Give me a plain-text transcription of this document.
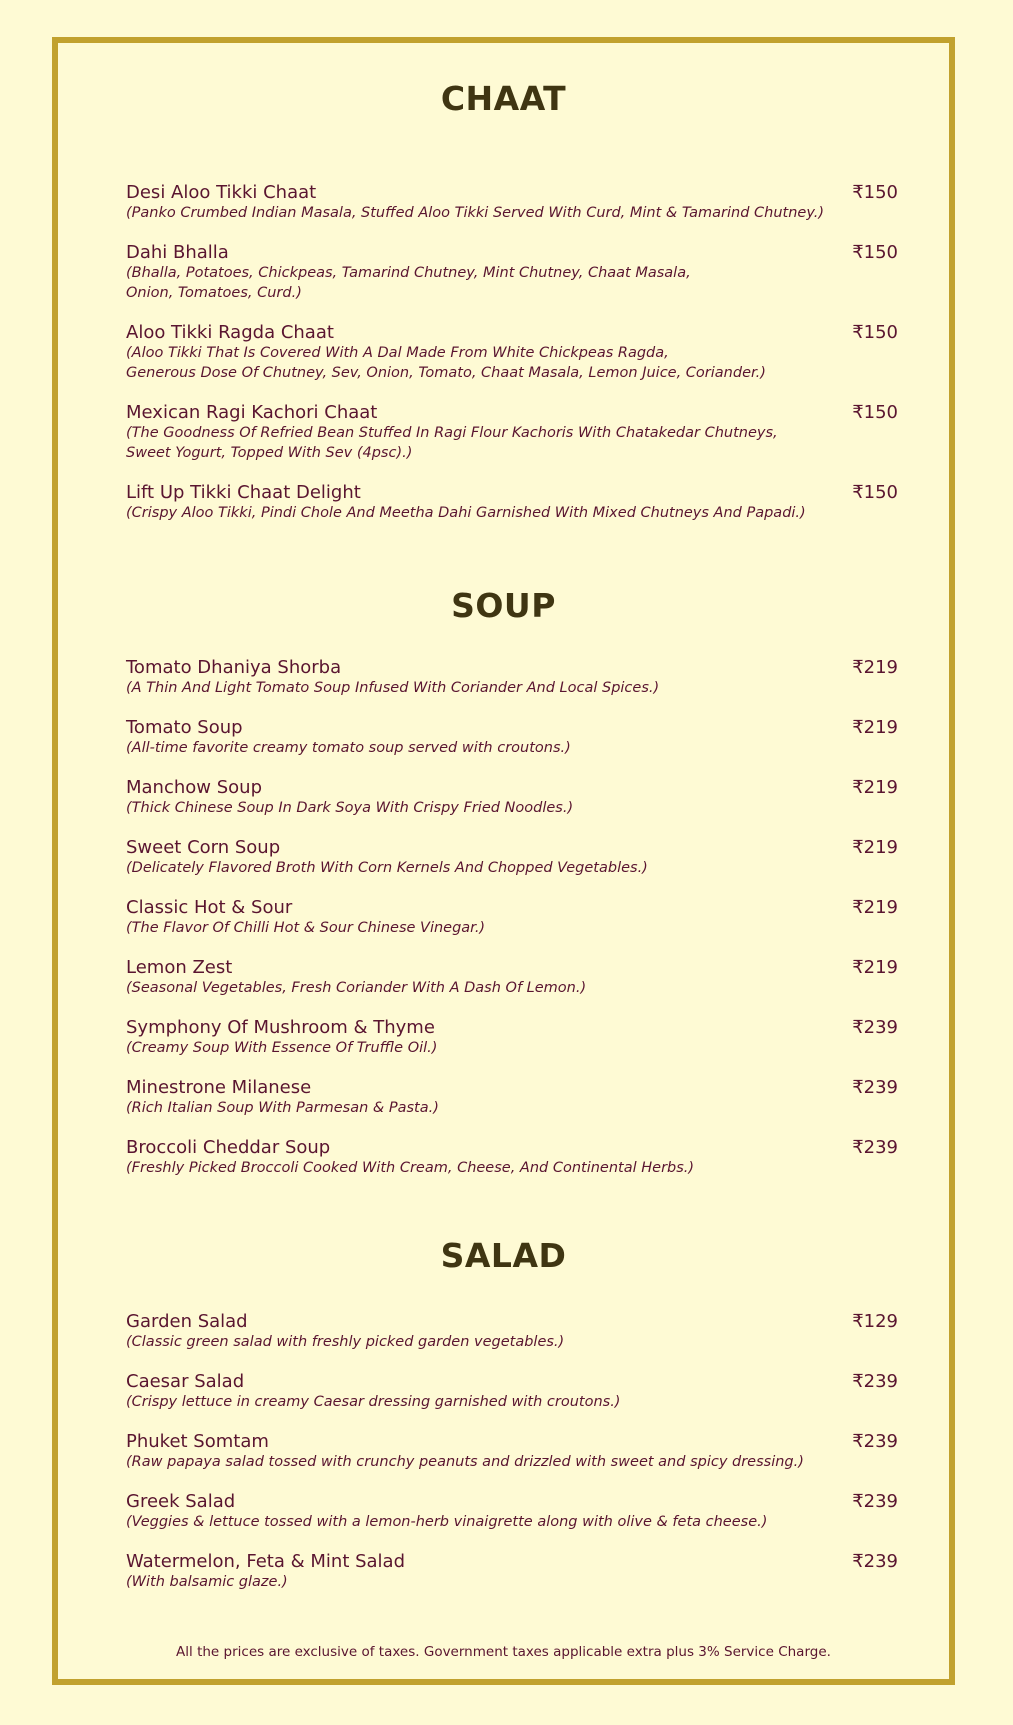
CHAAT
Desi Aloo Tikki Chaat	₹150
(Panko Crumbed Indian Masala, Stuffed Aloo Tikki Served With Curd, Mint & Tamarind Chutney.)
Dahi Bhalla	₹150
(Bhalla, Potatoes, Chickpeas, Tamarind Chutney, Mint Chutney, Chaat Masala,
Onion, Tomatoes, Curd.)
Aloo Tikki Ragda Chaat	₹150
(Aloo Tikki That Is Covered With A Dal Made From White Chickpeas Ragda,
Generous Dose Of Chutney, Sev, Onion, Tomato, Chaat Masala, Lemon Juice, Coriander.)
Mexican Ragi Kachori Chaat	₹150
(The Goodness Of Refried Bean Stuffed In Ragi Flour Kachoris With Chatakedar Chutneys,
Sweet Yogurt, Topped With Sev (4psc).)
Lift Up Tikki Chaat Delight	₹150
(Crispy Aloo Tikki, Pindi Chole And Meetha Dahi Garnished With Mixed Chutneys And Papadi.)
SOUP
Tomato Dhaniya Shorba	₹219
(A Thin And Light Tomato Soup Infused With Coriander And Local Spices.)
Tomato Soup	₹219
(All-time favorite creamy tomato soup served with croutons.)
Manchow Soup	₹219
(Thick Chinese Soup In Dark Soya With Crispy Fried Noodles.)
Sweet Corn Soup	₹219
(Delicately Flavored Broth With Corn Kernels And Chopped Vegetables.)
Classic Hot & Sour	₹219
(The Flavor Of Chilli Hot & Sour Chinese Vinegar.)
Lemon Zest	₹219
(Seasonal Vegetables, Fresh Coriander With A Dash Of Lemon.)
Symphony Of Mushroom & Thyme	₹239
(Creamy Soup With Essence Of Truffle Oil.)
Minestrone Milanese	₹239
(Rich Italian Soup With Parmesan & Pasta.)
Broccoli Cheddar Soup	₹239
(Freshly Picked Broccoli Cooked With Cream, Cheese, And Continental Herbs.)
SALAD
Garden Salad	₹129
(Classic green salad with freshly picked garden vegetables.)
Caesar Salad	₹239
(Crispy lettuce in creamy Caesar dressing garnished with croutons.)
Phuket Somtam	₹239
(Raw papaya salad tossed with crunchy peanuts and drizzled with sweet and spicy dressing.)
Greek Salad	₹239
(Veggies & lettuce tossed with a lemon-herb vinaigrette along with olive & feta cheese.)
Watermelon, Feta & Mint Salad	₹239
(With balsamic glaze.)
All the prices are exclusive of taxes. Government taxes applicable extra plus 3% Service Charge.
